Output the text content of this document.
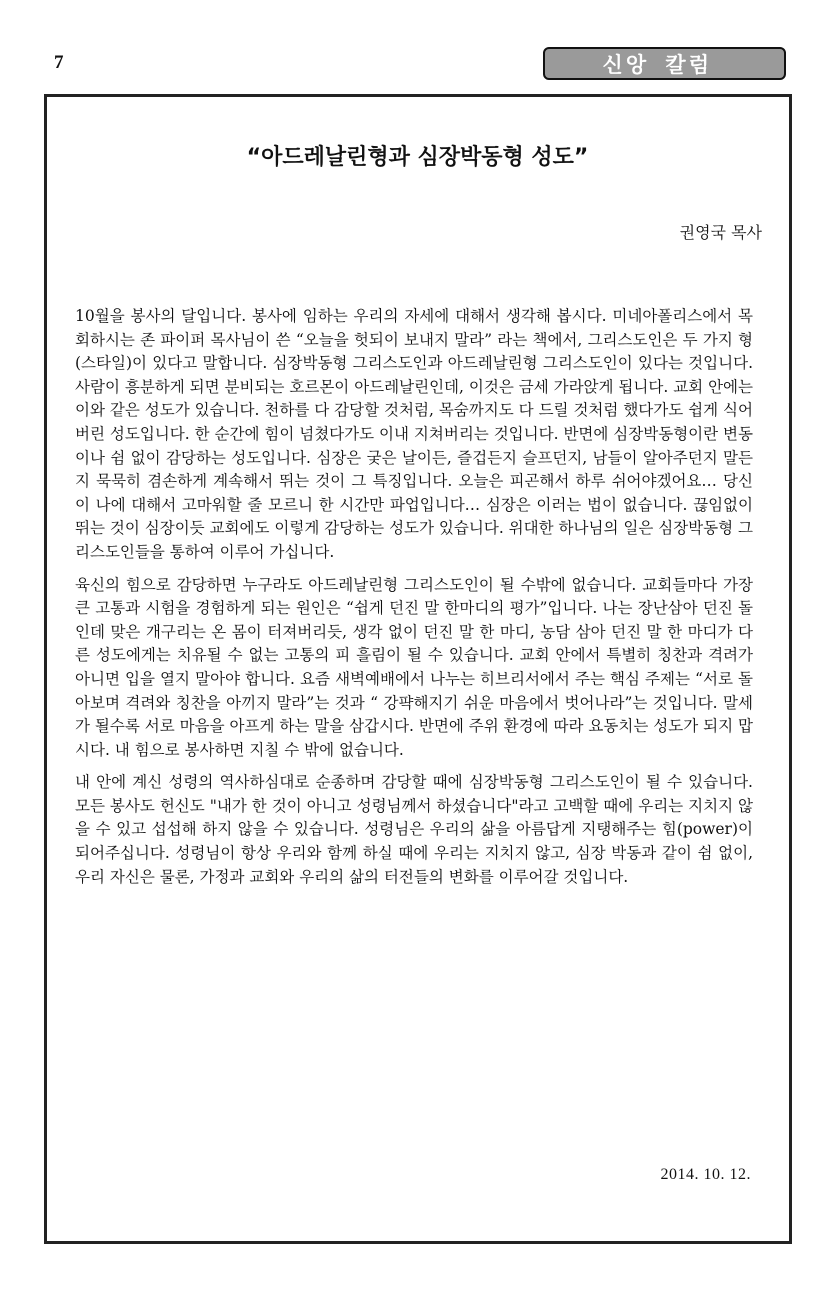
7	신앙 칼럼
“아드레날린형과 심장박동형 성도”
권영국 목사

10월을 봉사의 달입니다. 봉사에 임하는 우리의 자세에 대해서 생각해 봅시다. 미네아폴리스에서 목회하시는 존 파이퍼 목사님이 쓴 “오늘을 헛되이 보내지 말라” 라는 책에서, 그리스도인은 두 가지 형(스타일)이 있다고 말합니다. 심장박동형 그리스도인과 아드레날린형 그리스도인이 있다는 것입니다. 사람이 흥분하게 되면 분비되는 호르몬이 아드레날린인데, 이것은 금세 가라앉게 됩니다. 교회 안에는 이와 같은 성도가 있습니다. 천하를 다 감당할 것처럼, 목숨까지도 다 드릴 것처럼 했다가도 쉽게 식어버린 성도입니다. 한 순간에 힘이 넘쳤다가도 이내 지쳐버리는 것입니다. 반면에 심장박동형이란 변동이나 쉼 없이 감당하는 성도입니다. 심장은 궂은 날이든, 즐겁든지 슬프던지, 남들이 알아주던지 말든지 묵묵히 겸손하게 계속해서 뛰는 것이 그 특징입니다. 오늘은 피곤해서 하루 쉬어야겠어요… 당신이 나에 대해서 고마워할 줄 모르니 한 시간만 파업입니다… 심장은 이러는 법이 없습니다. 끊임없이 뛰는 것이 심장이듯 교회에도 이렇게 감당하는 성도가 있습니다. 위대한 하나님의 일은 심장박동형 그리스도인들을 통하여 이루어 가십니다.

육신의 힘으로 감당하면 누구라도 아드레날린형 그리스도인이 될 수밖에 없습니다. 교회들마다 가장 큰 고통과 시험을 경험하게 되는 원인은 “쉽게 던진 말 한마디의 평가”입니다. 나는 장난삼아 던진 돌인데 맞은 개구리는 온 몸이 터져버리듯, 생각 없이 던진 말 한 마디, 농담 삼아 던진 말 한 마디가 다른 성도에게는 치유될 수 없는 고통의 피 흘림이 될 수 있습니다. 교회 안에서 특별히 칭찬과 격려가 아니면 입을 열지 말아야 합니다. 요즘 새벽예배에서 나누는 히브리서에서 주는 핵심 주제는 “서로 돌아보며 격려와 칭찬을 아끼지 말라”는 것과 “ 강퍅해지기 쉬운 마음에서 벗어나라”는 것입니다. 말세가 될수록 서로 마음을 아프게 하는 말을 삼갑시다. 반면에 주위 환경에 따라 요동치는 성도가 되지 맙시다. 내 힘으로 봉사하면 지칠 수 밖에 없습니다.

내 안에 계신 성령의 역사하심대로 순종하며 감당할 때에 심장박동형 그리스도인이 될 수 있습니다. 모든 봉사도 헌신도 "내가 한 것이 아니고 성령님께서 하셨습니다"라고 고백할 때에 우리는 지치지 않을 수 있고 섭섭해 하지 않을 수 있습니다. 성령님은 우리의 삶을 아름답게 지탱해주는 힘(power)이 되어주십니다. 성령님이 항상 우리와 함께 하실 때에 우리는 지치지 않고, 심장 박동과 같이 쉼 없이, 우리 자신은 물론, 가정과 교회와 우리의 삶의 터전들의 변화를 이루어갈 것입니다.

2014. 10. 12.
